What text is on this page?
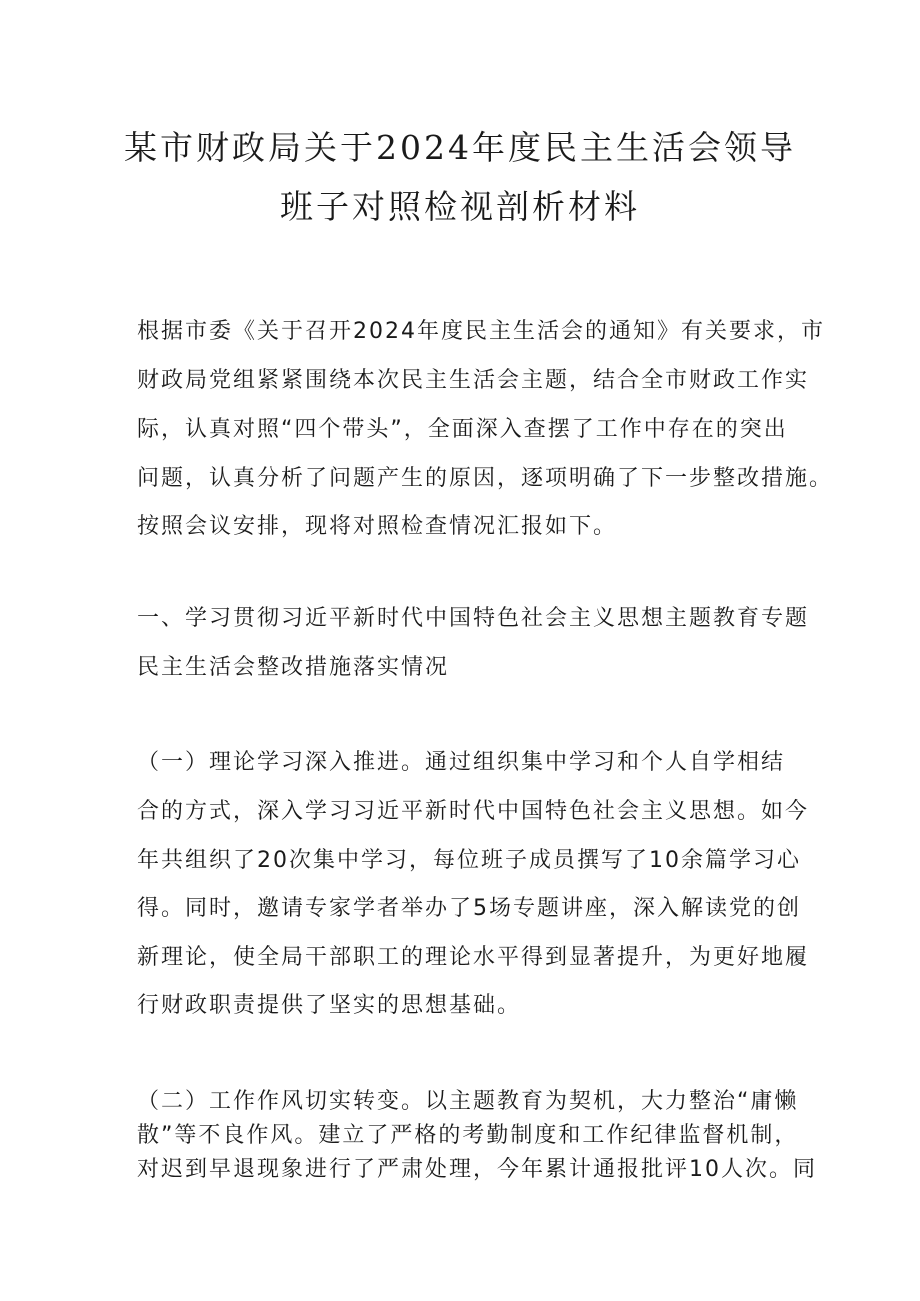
某市财政局关于2024年度民主生活会领导
班子对照检视剖析材料
根据市委《关于召开2024年度民主生活会的通知》有关要求，市
财政局党组紧紧围绕本次民主生活会主题，结合全市财政工作实
际，认真对照“四个带头”，全面深入查摆了工作中存在的突出
问题，认真分析了问题产生的原因，逐项明确了下一步整改措施。
按照会议安排，现将对照检查情况汇报如下。
一、学习贯彻习近平新时代中国特色社会主义思想主题教育专题
民主生活会整改措施落实情况
（一）理论学习深入推进。通过组织集中学习和个人自学相结
合的方式，深入学习习近平新时代中国特色社会主义思想。如今
年共组织了20次集中学习，每位班子成员撰写了10余篇学习心
得。同时，邀请专家学者举办了5场专题讲座，深入解读党的创
新理论，使全局干部职工的理论水平得到显著提升，为更好地履
行财政职责提供了坚实的思想基础。
（二）工作作风切实转变。以主题教育为契机，大力整治“庸懒
散”等不良作风。建立了严格的考勤制度和工作纪律监督机制，
对迟到早退现象进行了严肃处理，今年累计通报批评10人次。同
